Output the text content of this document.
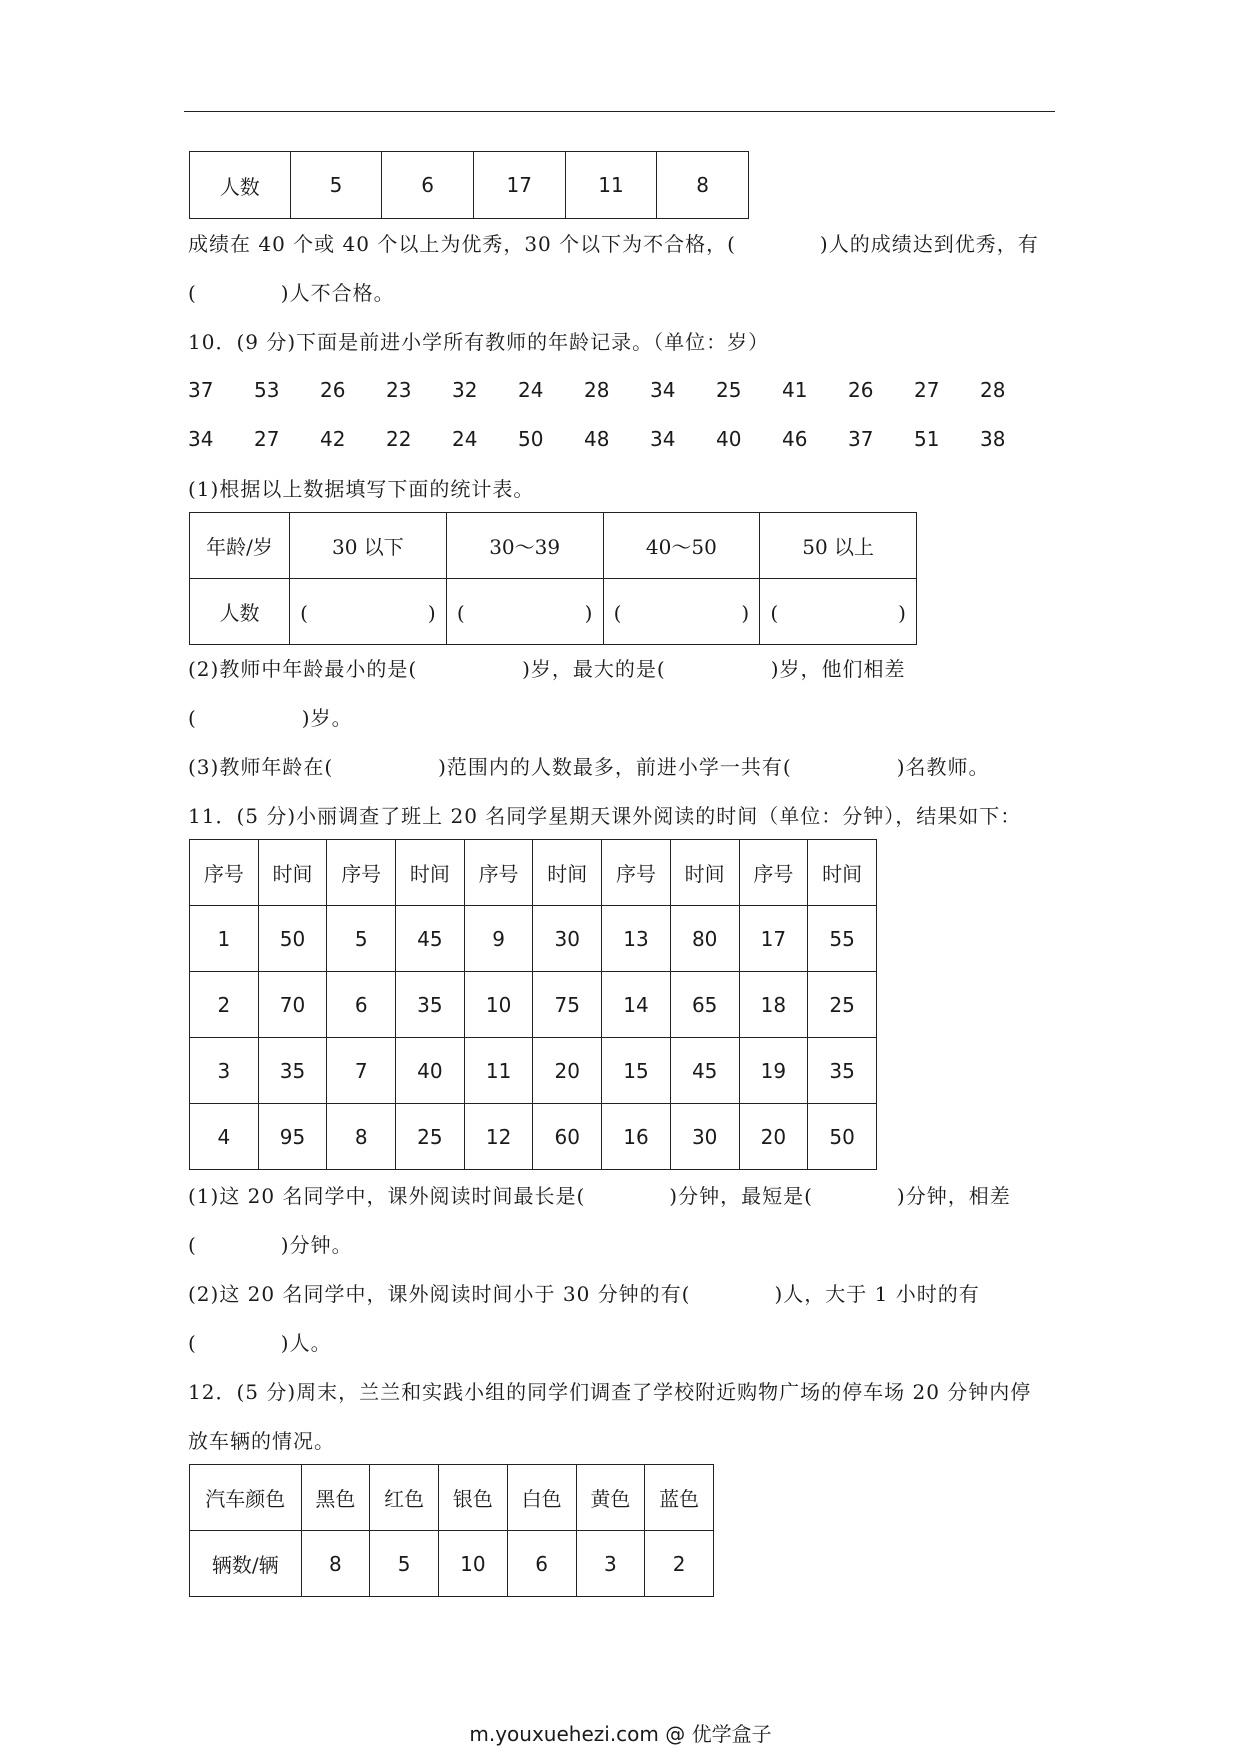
人数	5	6	17	11	8
成绩在 40 个或 40 个以上为优秀，30 个以下为不合格，(　　　　)人的成绩达到优秀，有
(　　　　)人不合格。
10．(9 分)下面是前进小学所有教师的年龄记录。（单位：岁）
37 53 26 23 32 24 28 34 25 41 26 27 28
34 27 42 22 24 50 48 34 40 46 37 51 38
(1)根据以上数据填写下面的统计表。
年龄/岁	30 以下	30～39	40～50	50 以上
人数	(　　　　　　)	(　　　　　　)	(　　　　　　)	(　　　　　　)
(2)教师中年龄最小的是(　　　　　)岁，最大的是(　　　　　)岁，他们相差
(　　　　　)岁。
(3)教师年龄在(　　　　　)范围内的人数最多，前进小学一共有(　　　　　)名教师。
11．(5 分)小丽调查了班上 20 名同学星期天课外阅读的时间（单位：分钟），结果如下：
序号	时间	序号	时间	序号	时间	序号	时间	序号	时间
1	50	5	45	9	30	13	80	17	55
2	70	6	35	10	75	14	65	18	25
3	35	7	40	11	20	15	45	19	35
4	95	8	25	12	60	16	30	20	50
(1)这 20 名同学中，课外阅读时间最长是(　　　　)分钟，最短是(　　　　)分钟，相差
(　　　　)分钟。
(2)这 20 名同学中，课外阅读时间小于 30 分钟的有(　　　　)人，大于 1 小时的有
(　　　　)人。
12．(5 分)周末，兰兰和实践小组的同学们调查了学校附近购物广场的停车场 20 分钟内停
放车辆的情况。
汽车颜色	黑色	红色	银色	白色	黄色	蓝色
辆数/辆	8	5	10	6	3	2
m.youxuehezi.com @ 优学盒子
